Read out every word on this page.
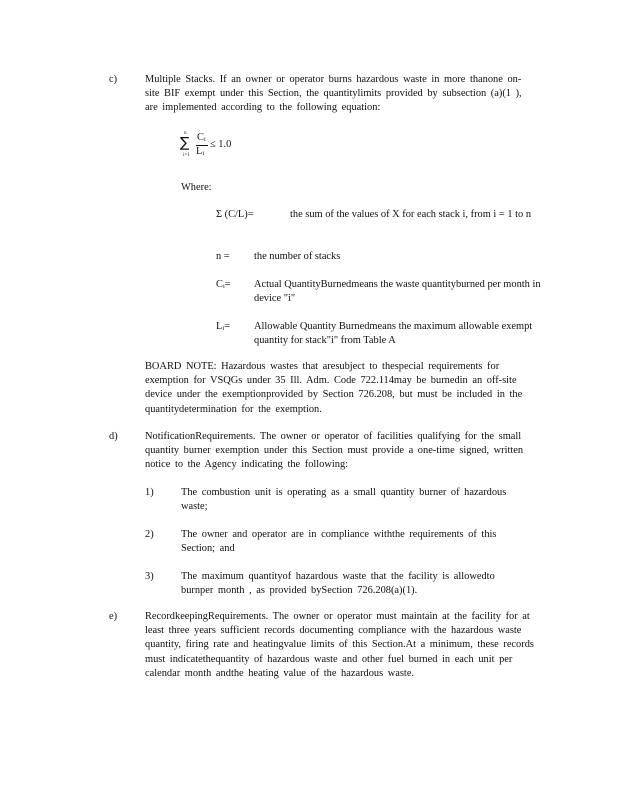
c)	Multiple Stacks. If an owner or operator burns hazardous waste in more thanone on-site BIF exempt under this Section, the quantitylimits provided by subsection (a)(1 ), are implemented according to the following equation:
n
∑
i=1
Ci
Li
≤ 1.0
Where:
Σ (C/L)=	the sum of the values of X for each stack i, from i = 1 to n
n = the number of stacks
Ci= Actual QuantityBurnedmeans the waste quantityburned per month in device "i"
Li= Allowable Quantity Burnedmeans the maximum allowable exempt quantity for stack"i" from Table A
BOARD NOTE: Hazardous wastes that aresubject to thespecial requirements for exemption for VSQGs under 35 Ill. Adm. Code 722.114may be burnedin an off-site device under the exemptionprovided by Section 726.208, but must be included in the quantitydetermination for the exemption.
d)	NotificationRequirements. The owner or operator of facilities qualifying for the small quantity burner exemption under this Section must provide a one-time signed, written notice to the Agency indicating the following:
1)	The combustion unit is operating as a small quantity burner of hazardous waste;
2)	The owner and operator are in compliance withthe requirements of this Section; and
3)	The maximum quantityof hazardous waste that the facility is allowedto burnper month , as provided bySection 726.208(a)(1).
e)	RecordkeepingRequirements. The owner or operator must maintain at the facility for at least three years sufficient records documenting compliance with the hazardous waste quantity, firing rate and heatingvalue limits of this Section.At a minimum, these records must indicatethequantity of hazardous waste and other fuel burned in each unit per calendar month andthe heating value of the hazardous waste.
